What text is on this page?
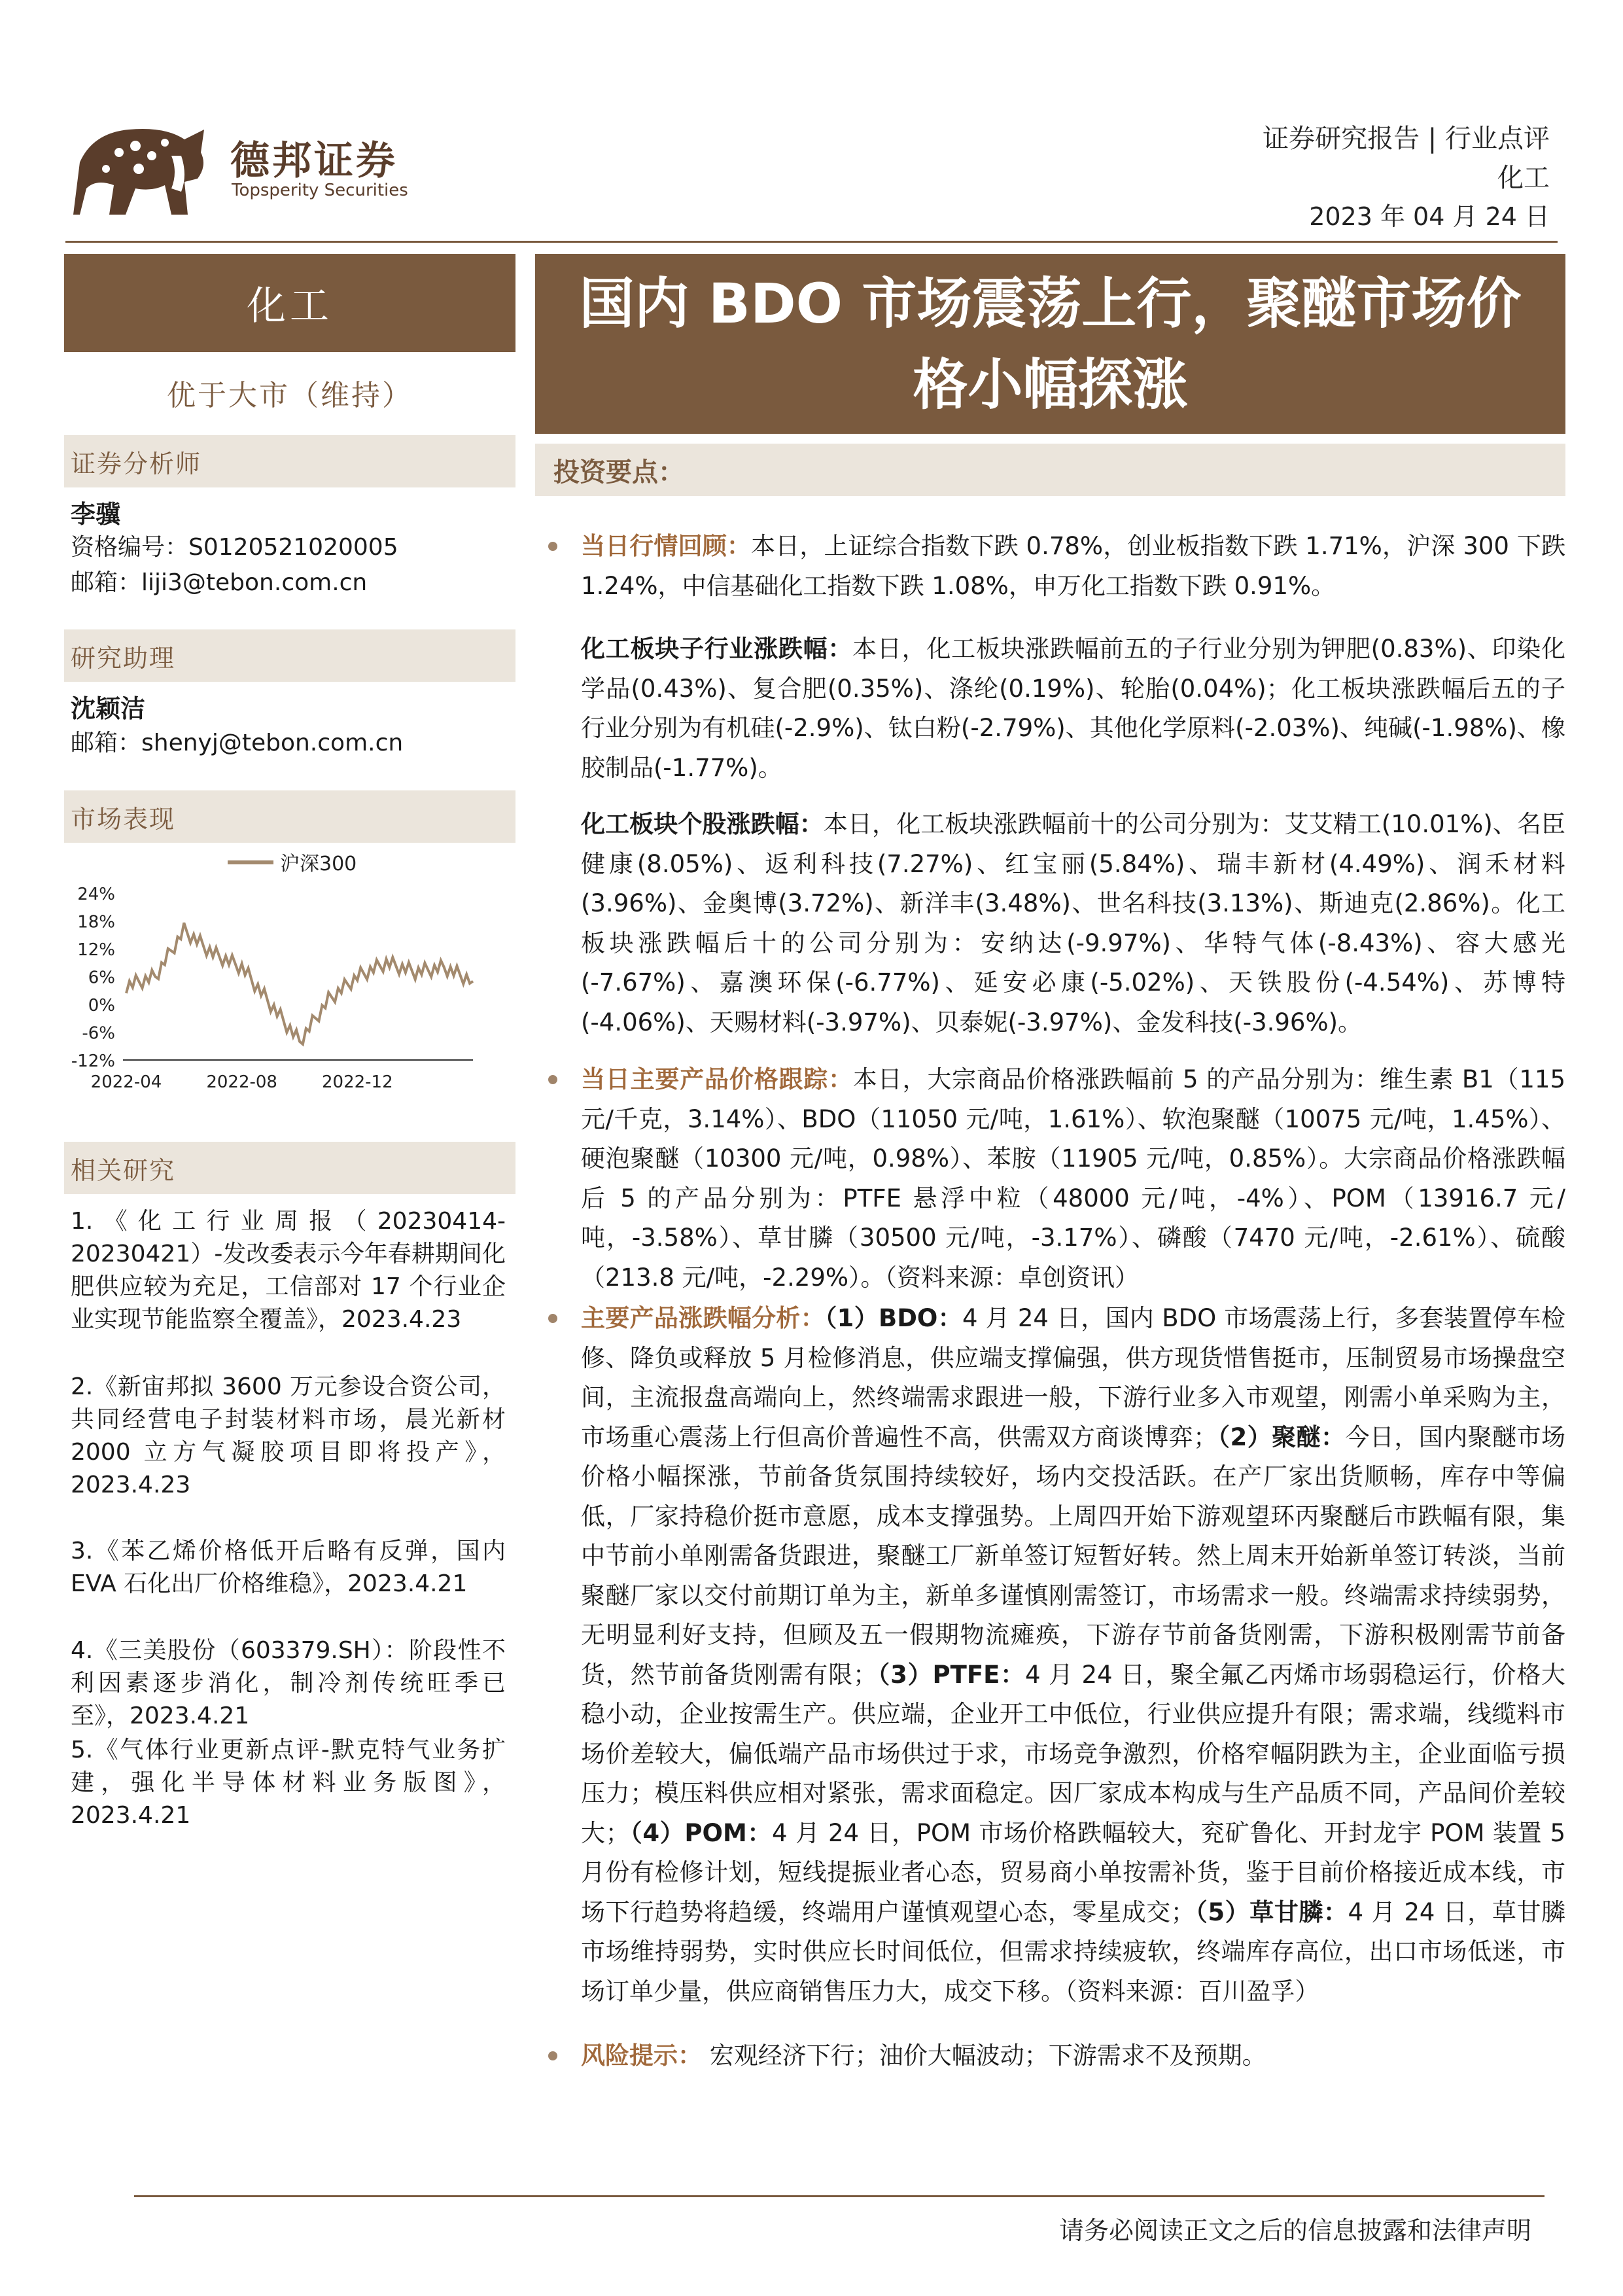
德邦证券
Topsperity Securities
证券研究报告 | 行业点评
化工
2023 年 04 月 24 日
化工
优于大市（维持）
证券分析师
李骥
资格编号：S0120521020005
邮箱：liji3@tebon.com.cn
研究助理
沈颖洁
邮箱：shenyj@tebon.com.cn
市场表现
沪深300
24%
18%
12%
6%
0%
-6%
-12%
2022-04	2022-08	2022-12
相关研究
1.《化工行业周报（20230414-20230421）-发改委表示今年春耕期间化肥供应较为充足，工信部对 17 个行业企业实现节能监察全覆盖》，2023.4.23
2.《新宙邦拟 3600 万元参设合资公司，共同经营电子封装材料市场，晨光新材 2000 立方气凝胶项目即将投产》，2023.4.23
3.《苯乙烯价格低开后略有反弹，国内 EVA 石化出厂价格维稳》，2023.4.21
4.《三美股份（603379.SH）：阶段性不利因素逐步消化，制冷剂传统旺季已至》，2023.4.21
5.《气体行业更新点评-默克特气业务扩建，强化半导体材料业务版图》，2023.4.21
国内 BDO 市场震荡上行，聚醚市场价格小幅探涨
投资要点：
当日行情回顾：本日，上证综合指数下跌 0.78%，创业板指数下跌 1.71%，沪深 300 下跌 1.24%，中信基础化工指数下跌 1.08%，申万化工指数下跌 0.91%。
化工板块子行业涨跌幅：本日，化工板块涨跌幅前五的子行业分别为钾肥(0.83%)、印染化学品(0.43%)、复合肥(0.35%)、涤纶(0.19%)、轮胎(0.04%)；化工板块涨跌幅后五的子行业分别为有机硅(-2.9%)、钛白粉(-2.79%)、其他化学原料(-2.03%)、纯碱(-1.98%)、橡胶制品(-1.77%)。
化工板块个股涨跌幅：本日，化工板块涨跌幅前十的公司分别为：艾艾精工(10.01%)、名臣健康(8.05%)、返利科技(7.27%)、红宝丽(5.84%)、瑞丰新材(4.49%)、润禾材料(3.96%)、金奥博(3.72%)、新洋丰(3.48%)、世名科技(3.13%)、斯迪克(2.86%)。化工板块涨跌幅后十的公司分别为：安纳达(-9.97%)、华特气体(-8.43%)、容大感光(-7.67%)、嘉澳环保(-6.77%)、延安必康(-5.02%)、天铁股份(-4.54%)、苏博特(-4.06%)、天赐材料(-3.97%)、贝泰妮(-3.97%)、金发科技(-3.96%)。
当日主要产品价格跟踪：本日，大宗商品价格涨跌幅前 5 的产品分别为：维生素 B1（115 元/千克，3.14%）、BDO（11050 元/吨，1.61%）、软泡聚醚（10075 元/吨，1.45%）、硬泡聚醚（10300 元/吨，0.98%）、苯胺（11905 元/吨，0.85%）。大宗商品价格涨跌幅后 5 的产品分别为：PTFE 悬浮中粒（48000 元/吨，-4%）、POM（13916.7 元/吨，-3.58%）、草甘膦（30500 元/吨，-3.17%）、磷酸（7470 元/吨，-2.61%）、硫酸（213.8 元/吨，-2.29%）。（资料来源：卓创资讯）
主要产品涨跌幅分析：（1）BDO：4 月 24 日，国内 BDO 市场震荡上行，多套装置停车检修、降负或释放 5 月检修消息，供应端支撑偏强，供方现货惜售挺市，压制贸易市场操盘空间，主流报盘高端向上，然终端需求跟进一般，下游行业多入市观望，刚需小单采购为主，市场重心震荡上行但高价普遍性不高，供需双方商谈博弈；（2）聚醚：今日，国内聚醚市场价格小幅探涨，节前备货氛围持续较好，场内交投活跃。在产厂家出货顺畅，库存中等偏低，厂家持稳价挺市意愿，成本支撑强势。上周四开始下游观望环丙聚醚后市跌幅有限，集中节前小单刚需备货跟进，聚醚工厂新单签订短暂好转。然上周末开始新单签订转淡，当前聚醚厂家以交付前期订单为主，新单多谨慎刚需签订，市场需求一般。终端需求持续弱势，无明显利好支持，但顾及五一假期物流瘫痪，下游存节前备货刚需，下游积极刚需节前备货，然节前备货刚需有限；（3）PTFE：4 月 24 日，聚全氟乙丙烯市场弱稳运行，价格大稳小动，企业按需生产。供应端，企业开工中低位，行业供应提升有限；需求端，线缆料市场价差较大，偏低端产品市场供过于求，市场竞争激烈，价格窄幅阴跌为主，企业面临亏损压力；模压料供应相对紧张，需求面稳定。因厂家成本构成与生产品质不同，产品间价差较大；（4）POM：4 月 24 日，POM 市场价格跌幅较大，兖矿鲁化、开封龙宇 POM 装置 5 月份有检修计划，短线提振业者心态，贸易商小单按需补货，鉴于目前价格接近成本线，市场下行趋势将趋缓，终端用户谨慎观望心态，零星成交；（5）草甘膦：4 月 24 日，草甘膦市场维持弱势，实时供应长时间低位，但需求持续疲软，终端库存高位，出口市场低迷，市场订单少量，供应商销售压力大，成交下移。（资料来源：百川盈孚）
风险提示： 宏观经济下行；油价大幅波动；下游需求不及预期。
请务必阅读正文之后的信息披露和法律声明
